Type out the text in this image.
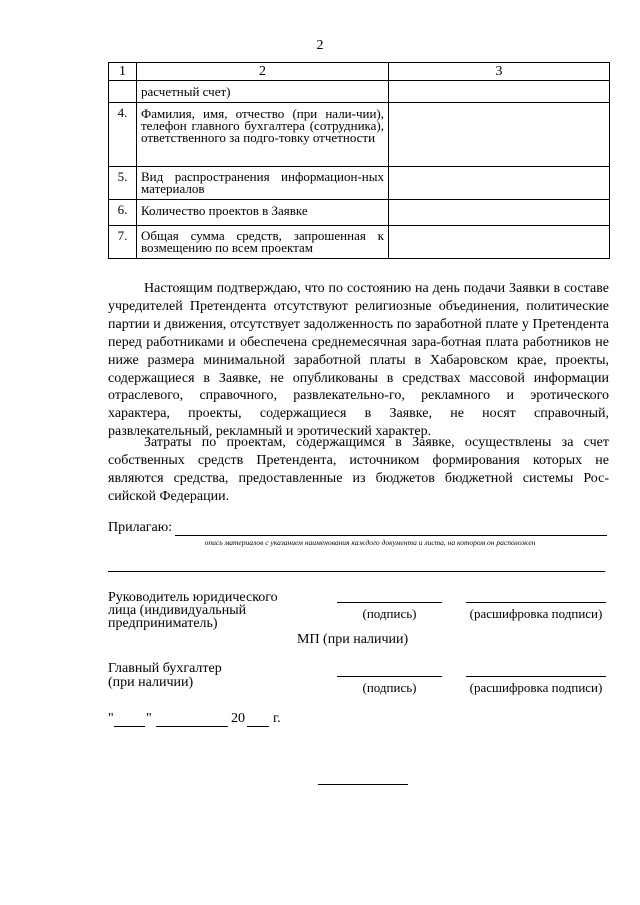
2
1	2	3
	расчетный счет)	
4.	Фамилия, имя, отчество (при нали-чии), телефон главного бухгалтера (сотрудника), ответственного за подго-товку отчетности	
5.	Вид распространения информацион-ных материалов	
6.	Количество проектов в Заявке	
7.	Общая сумма средств, запрошенная к возмещению по всем проектам	
Настоящим подтверждаю, что по состоянию на день подачи Заявки в составе учредителей Претендента отсутствуют религиозные объединения, политические партии и движения, отсутствует задолженность по заработной плате у Претендента перед работниками и обеспечена среднемесячная зара-ботная плата работников не ниже размера минимальной заработной платы в Хабаровском крае, проекты, содержащиеся в Заявке, не опубликованы в средствах массовой информации отраслевого, справочного, развлекательно-го, рекламного и эротического характера, проекты, содержащиеся в Заявке, не носят справочный, развлекательный, рекламный и эротический характер.
Затраты по проектам, содержащимся в Заявке, осуществлены за счет собственных средств Претендента, источником формирования которых не являются средства, предоставленные из бюджетов бюджетной системы Рос-сийской Федерации.
Прилагаю:
опись материалов с указанием наименования каждого документа и листа, на котором он расположен
Руководитель юридического
лица (индивидуальный
предприниматель)
(подпись)	(расшифровка подписи)
МП (при наличии)
Главный бухгалтер
(при наличии)	(подпись)	(расшифровка подписи)
" "	20 г.
